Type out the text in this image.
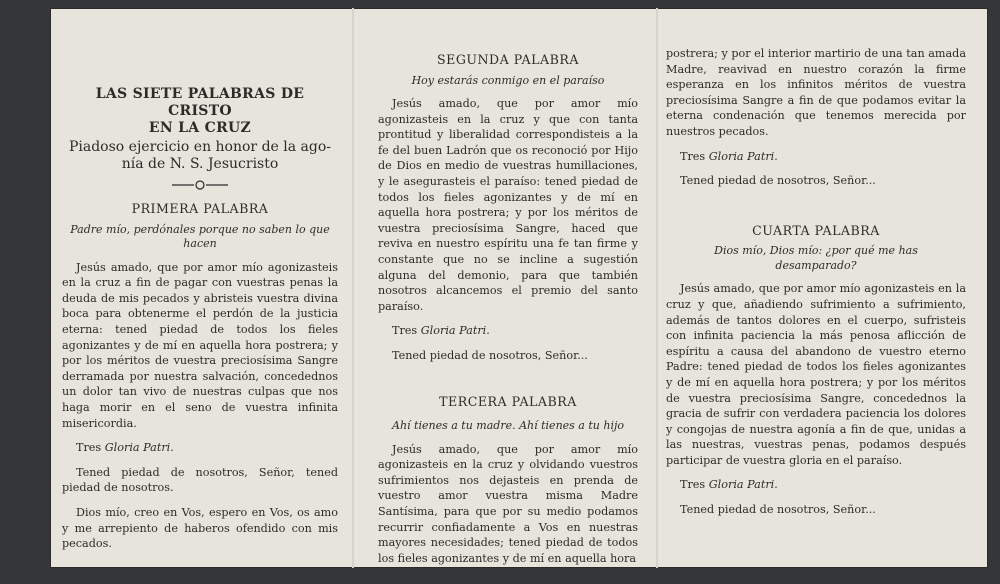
LAS SIETE PALABRAS DE CRISTO
EN LA CRUZ
Piadoso ejercicio en honor de la ago-
nía de N. S. Jesucristo
PRIMERA PALABRA
Padre mío, perdónales porque no saben lo que hacen

Jesús amado, que por amor mío agonizasteis en la cruz a fin de pagar con vuestras penas la deuda de mis pecados y abristeis vuestra divina boca para obtenerme el perdón de la justicia eterna: tened piedad de todos los fieles agonizantes y de mí en aquella hora postrera; y por los méritos de vuestra preciosísima Sangre derramada por nuestra salvación, concedednos un dolor tan vivo de nuestras culpas que nos haga morir en el seno de vuestra infinita misericordia.

Tres Gloria Patri.

Tened piedad de nosotros, Señor, tened piedad de nosotros.

Dios mío, creo en Vos, espero en Vos, os amo y me arrepiento de haberos ofendido con mis pecados.

SEGUNDA PALABRA
Hoy estarás conmigo en el paraíso

Jesús amado, que por amor mío agonizasteis en la cruz y que con tanta prontitud y liberalidad correspondisteis a la fe del buen Ladrón que os reconoció por Hijo de Dios en medio de vuestras humillaciones, y le asegurasteis el paraíso: tened piedad de todos los fieles agonizantes y de mí en aquella hora postrera; y por los méritos de vuestra preciosísima Sangre, haced que reviva en nuestro espíritu una fe tan firme y constante que no se incline a sugestión alguna del demonio, para que también nosotros alcancemos el premio del santo paraíso.

Tres Gloria Patri.

Tened piedad de nosotros, Señor...

TERCERA PALABRA
Ahí tienes a tu madre. Ahí tienes a tu hijo

Jesús amado, que por amor mío agonizasteis en la cruz y olvidando vuestros sufrimientos nos dejasteis en prenda de vuestro amor vuestra misma Madre Santísima, para que por su medio podamos recurrir confiadamente a Vos en nuestras mayores necesidades; tened piedad de todos los fieles agonizantes y de mí en aquella hora

postrera; y por el interior martirio de una tan amada Madre, reavivad en nuestro corazón la firme esperanza en los infinitos méritos de vuestra preciosísima Sangre a fin de que podamos evitar la eterna condenación que tenemos merecida por nuestros pecados.

Tres Gloria Patri.

Tened piedad de nosotros, Señor...

CUARTA PALABRA
Dios mío, Dios mío: ¿por qué me has desamparado?

Jesús amado, que por amor mío agonizasteis en la cruz y que, añadiendo sufrimiento a sufrimiento, además de tantos dolores en el cuerpo, sufristeis con infinita paciencia la más penosa aflicción de espíritu a causa del abandono de vuestro eterno Padre: tened piedad de todos los fieles agonizantes y de mí en aquella hora postrera; y por los méritos de vuestra preciosísima Sangre, concedednos la gracia de sufrir con verdadera paciencia los dolores y congojas de nuestra agonía a fin de que, unidas a las nuestras, vuestras penas, podamos después participar de vuestra gloria en el paraíso.

Tres Gloria Patri.

Tened piedad de nosotros, Señor...
